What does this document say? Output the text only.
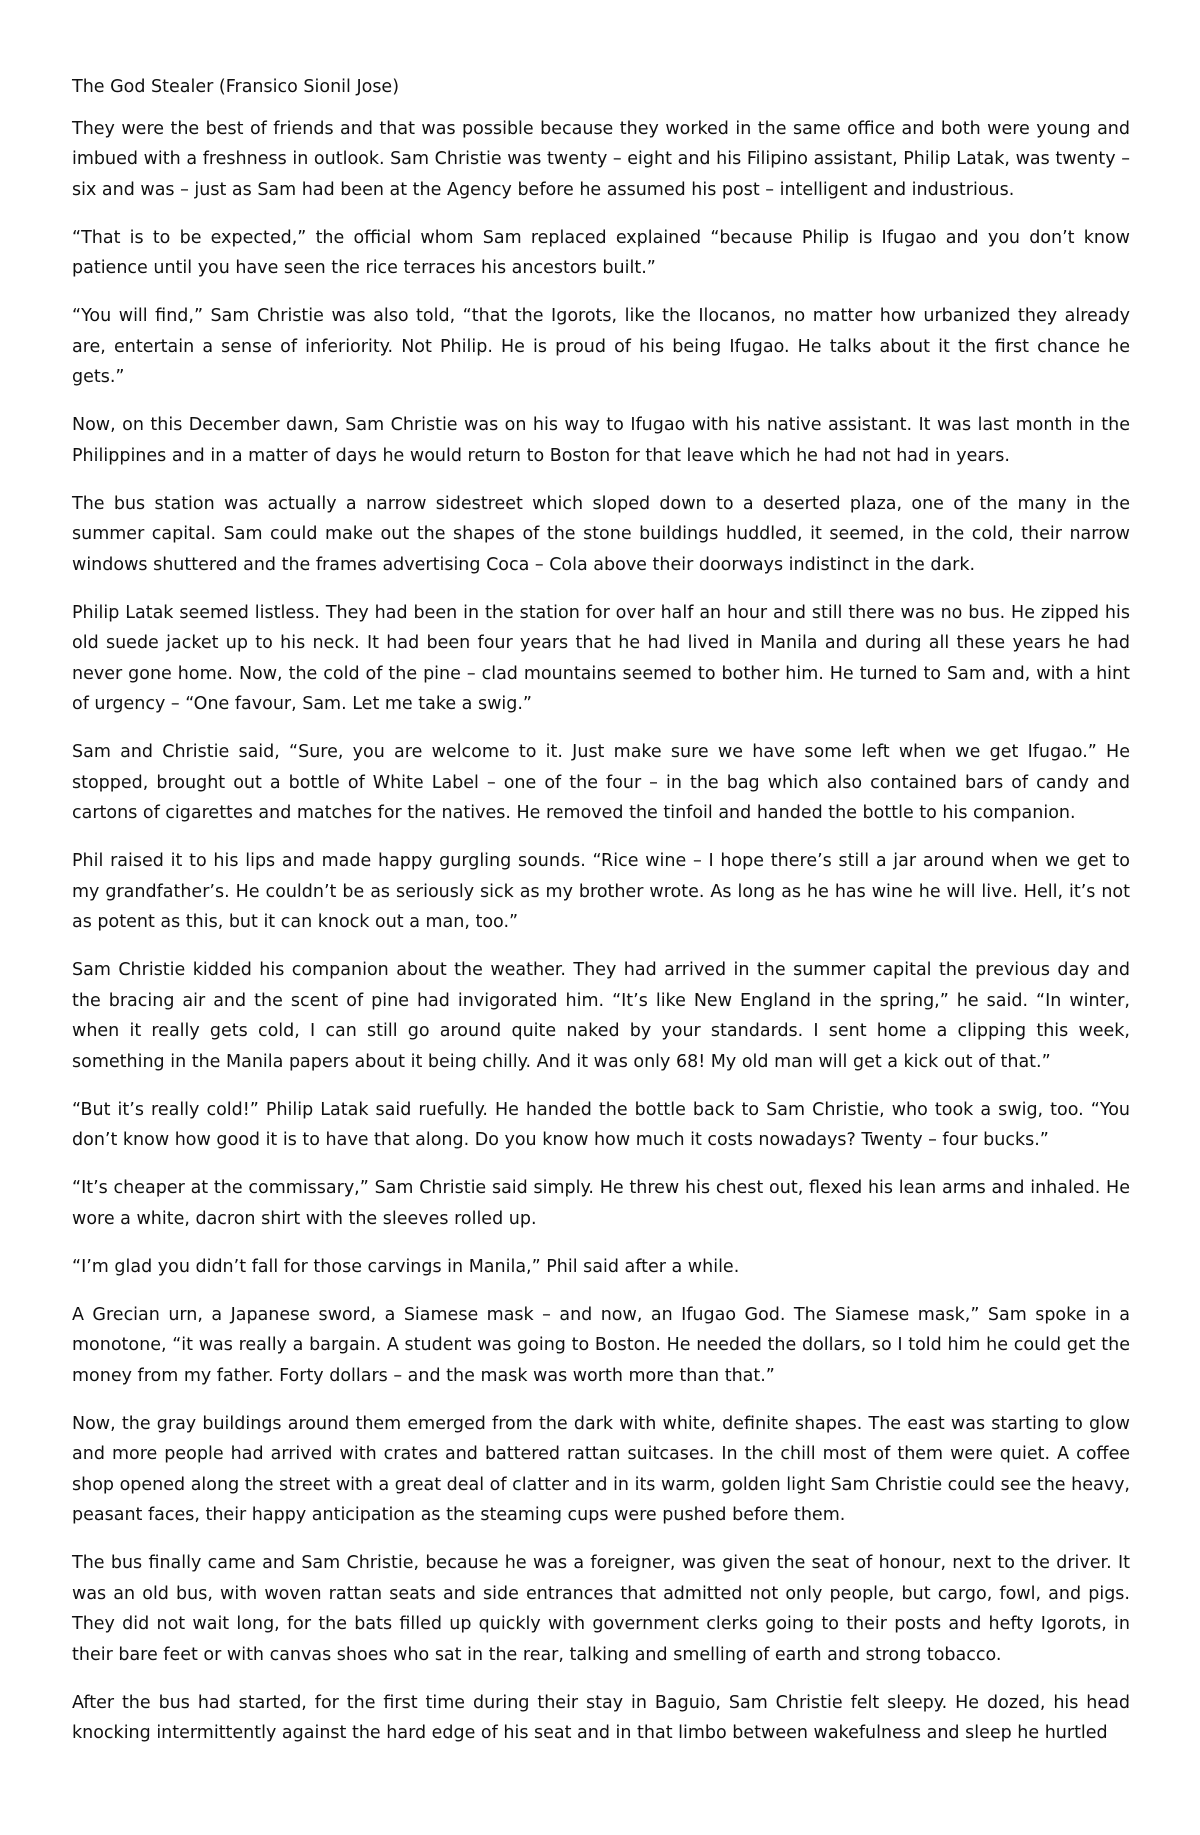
The God Stealer (Fransico Sionil Jose)

They were the best of friends and that was possible because they worked in the same office and both were young and imbued with a freshness in outlook. Sam Christie was twenty – eight and his Filipino assistant, Philip Latak, was twenty – six and was – just as Sam had been at the Agency before he assumed his post – intelligent and industrious.

“That is to be expected,” the official whom Sam replaced explained “because Philip is Ifugao and you don’t know patience until you have seen the rice terraces his ancestors built.”

“You will find,” Sam Christie was also told, “that the Igorots, like the Ilocanos, no matter how urbanized they already are, entertain a sense of inferiority. Not Philip. He is proud of his being Ifugao. He talks about it the first chance he gets.”

Now, on this December dawn, Sam Christie was on his way to Ifugao with his native assistant. It was last month in the Philippines and in a matter of days he would return to Boston for that leave which he had not had in years.

The bus station was actually a narrow sidestreet which sloped down to a deserted plaza, one of the many in the summer capital. Sam could make out the shapes of the stone buildings huddled, it seemed, in the cold, their narrow windows shuttered and the frames advertising Coca – Cola above their doorways indistinct in the dark.

Philip Latak seemed listless. They had been in the station for over half an hour and still there was no bus. He zipped his old suede jacket up to his neck. It had been four years that he had lived in Manila and during all these years he had never gone home. Now, the cold of the pine – clad mountains seemed to bother him. He turned to Sam and, with a hint of urgency – “One favour, Sam. Let me take a swig.”

Sam and Christie said, “Sure, you are welcome to it. Just make sure we have some left when we get Ifugao.” He stopped, brought out a bottle of White Label – one of the four – in the bag which also contained bars of candy and cartons of cigarettes and matches for the natives. He removed the tinfoil and handed the bottle to his companion.

Phil raised it to his lips and made happy gurgling sounds. “Rice wine – I hope there’s still a jar around when we get to my grandfather’s. He couldn’t be as seriously sick as my brother wrote. As long as he has wine he will live. Hell, it’s not as potent as this, but it can knock out a man, too.”

Sam Christie kidded his companion about the weather. They had arrived in the summer capital the previous day and the bracing air and the scent of pine had invigorated him. “It’s like New England in the spring,” he said. “In winter, when it really gets cold, I can still go around quite naked by your standards. I sent home a clipping this week, something in the Manila papers about it being chilly. And it was only 68! My old man will get a kick out of that.”

“But it’s really cold!” Philip Latak said ruefully. He handed the bottle back to Sam Christie, who took a swig, too. “You don’t know how good it is to have that along. Do you know how much it costs nowadays? Twenty – four bucks.”

“It’s cheaper at the commissary,” Sam Christie said simply. He threw his chest out, flexed his lean arms and inhaled. He wore a white, dacron shirt with the sleeves rolled up.

“I’m glad you didn’t fall for those carvings in Manila,” Phil said after a while.

A Grecian urn, a Japanese sword, a Siamese mask – and now, an Ifugao God. The Siamese mask,” Sam spoke in a monotone, “it was really a bargain. A student was going to Boston. He needed the dollars, so I told him he could get the money from my father. Forty dollars – and the mask was worth more than that.”

Now, the gray buildings around them emerged from the dark with white, definite shapes. The east was starting to glow and more people had arrived with crates and battered rattan suitcases. In the chill most of them were quiet. A coffee shop opened along the street with a great deal of clatter and in its warm, golden light Sam Christie could see the heavy, peasant faces, their happy anticipation as the steaming cups were pushed before them.

The bus finally came and Sam Christie, because he was a foreigner, was given the seat of honour, next to the driver. It was an old bus, with woven rattan seats and side entrances that admitted not only people, but cargo, fowl, and pigs. They did not wait long, for the bats filled up quickly with government clerks going to their posts and hefty Igorots, in their bare feet or with canvas shoes who sat in the rear, talking and smelling of earth and strong tobacco.

After the bus had started, for the first time during their stay in Baguio, Sam Christie felt sleepy. He dozed, his head knocking intermittently against the hard edge of his seat and in that limbo between wakefulness and sleep he hurtled
